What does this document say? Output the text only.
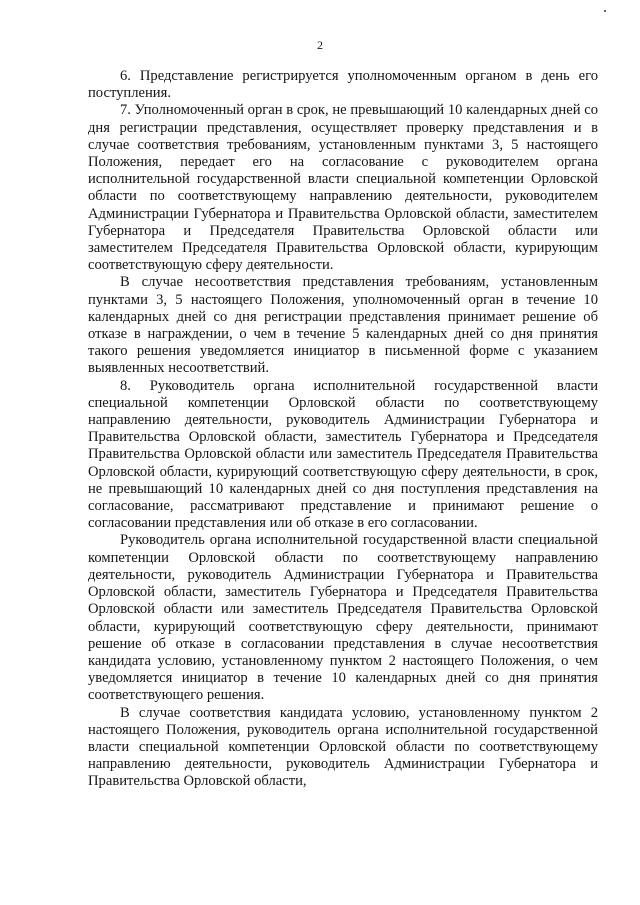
2

6. Представление регистрируется уполномоченным органом в день его поступления.

7. Уполномоченный орган в срок, не превышающий 10 календарных дней со дня регистрации представления, осуществляет проверку представления и в случае соответствия требованиям, установленным пунктами 3, 5 настоящего Положения, передает его на согласование с руководителем органа исполнительной государственной власти специальной компетенции Орловской области по соответствующему направлению деятельности, руководителем Администрации Губернатора и Правительства Орловской области, заместителем Губернатора и Председателя Правительства Орловской области или заместителем Председателя Правительства Орловской области, курирующим соответствующую сферу деятельности.

В случае несоответствия представления требованиям, установленным пунктами 3, 5 настоящего Положения, уполномоченный орган в течение 10 календарных дней со дня регистрации представления принимает решение об отказе в награждении, о чем в течение 5 календарных дней со дня принятия такого решения уведомляется инициатор в письменной форме с указанием выявленных несоответствий.

8. Руководитель органа исполнительной государственной власти специальной компетенции Орловской области по соответствующему направлению деятельности, руководитель Администрации Губернатора и Правительства Орловской области, заместитель Губернатора и Председателя Правительства Орловской области или заместитель Председателя Правительства Орловской области, курирующий соответствующую сферу деятельности, в срок, не превышающий 10 календарных дней со дня поступления представления на согласование, рассматривают представление и принимают решение о согласовании представления или об отказе в его согласовании.

Руководитель органа исполнительной государственной власти специальной компетенции Орловской области по соответствующему направлению деятельности, руководитель Администрации Губернатора и Правительства Орловской области, заместитель Губернатора и Председателя Правительства Орловской области или заместитель Председателя Правительства Орловской области, курирующий соответствующую сферу деятельности, принимают решение об отказе в согласовании представления в случае несоответствия кандидата условию, установленному пунктом 2 настоящего Положения, о чем уведомляется инициатор в течение 10 календарных дней со дня принятия соответствующего решения.

В случае соответствия кандидата условию, установленному пунктом 2 настоящего Положения, руководитель органа исполнительной государственной власти специальной компетенции Орловской области по соответствующему направлению деятельности, руководитель Администрации Губернатора и Правительства Орловской области,
